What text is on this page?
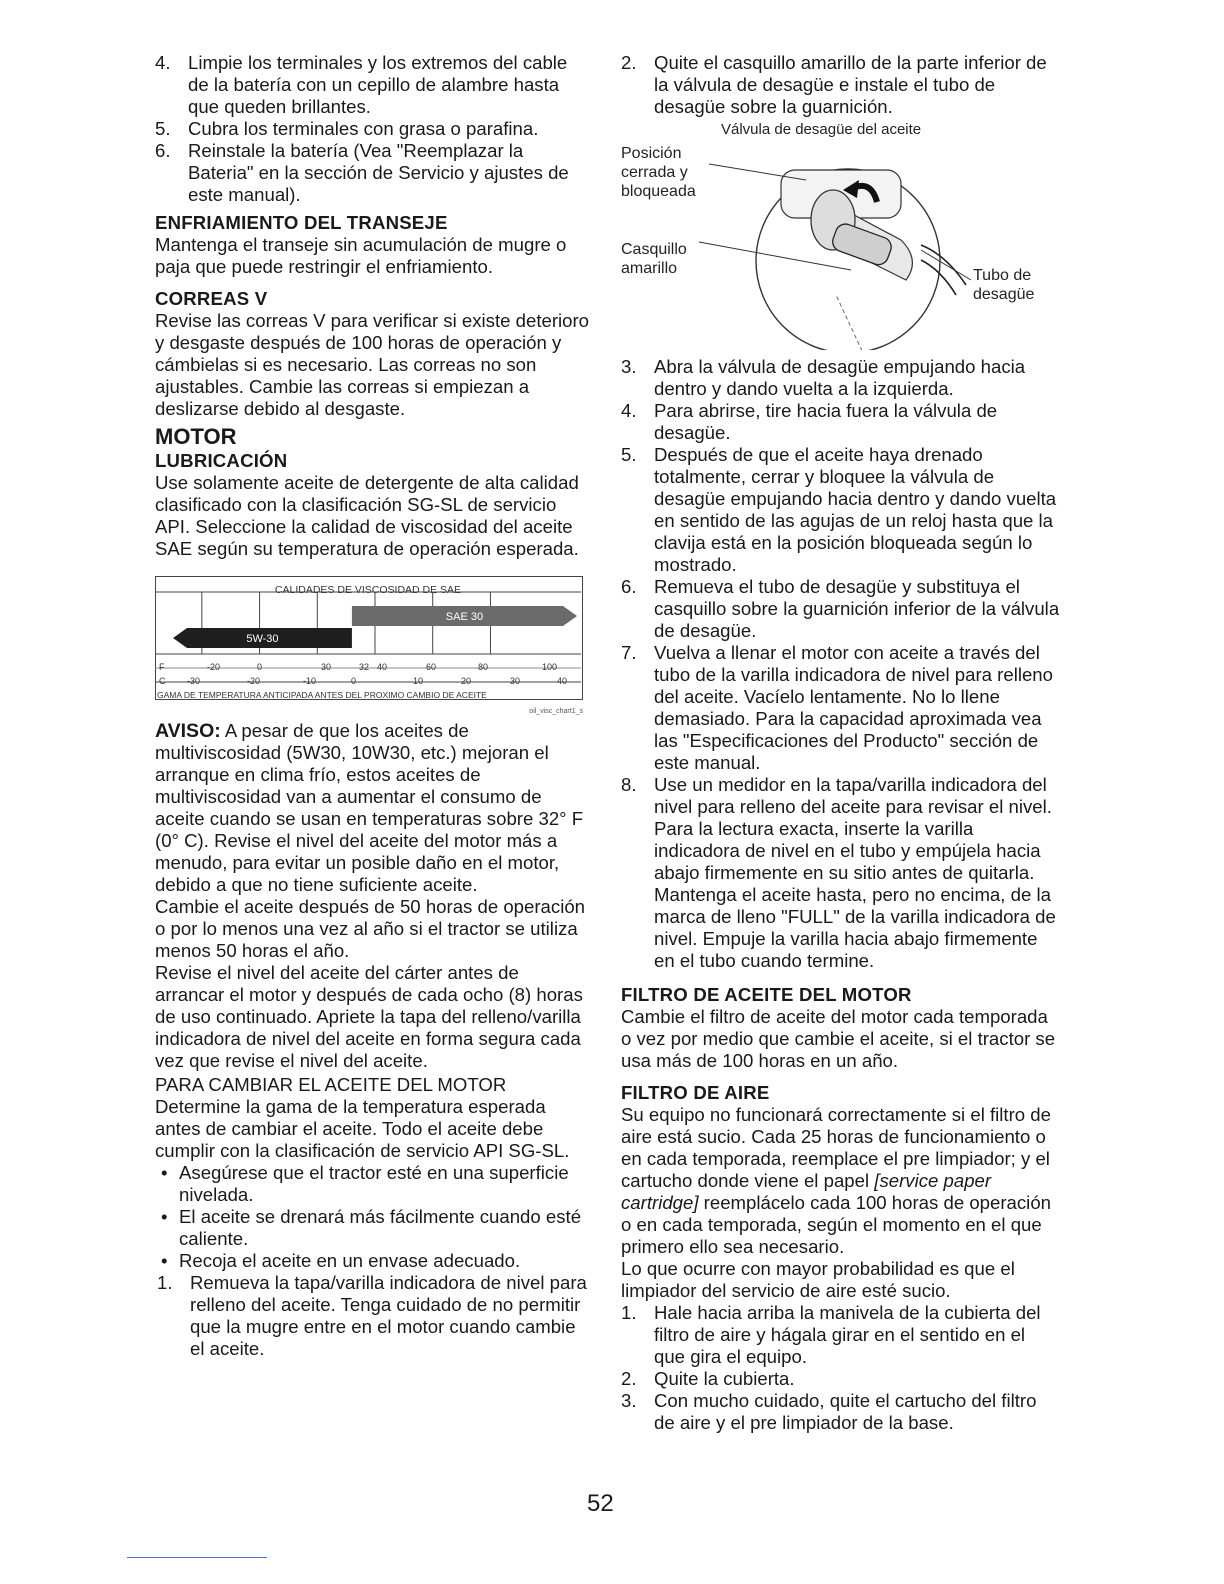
4. Limpie los terminales y los extremos del cable de la batería con un cepillo de alambre hasta que queden brillantes.
5. Cubra los terminales con grasa o parafina.
6. Reinstale la batería (Vea "Reemplazar la Bateria" en la sección de Servicio y ajustes de este manual).
ENFRIAMIENTO DEL TRANSEJE

Mantenga el transeje sin acumulación de mugre o paja que puede restringir el enfriamiento.

CORREAS V

Revise las correas V para verificar si existe deterioro y desgaste después de 100 horas de operación y cámbielas si es necesario. Las correas no son ajustables. Cambie las correas si empiezan a deslizarse debido al desgaste.

MOTOR
LUBRICACIÓN

Use solamente aceite de detergente de alta calidad clasificado con la clasificación SG-SL de servicio API. Seleccione la calidad de viscosidad del aceite SAE según su temperatura de operación esperada.

CALIDADES DE VISCOSIDAD DE SAE
5W-30
SAE 30
GAMA DE TEMPERATURA ANTICIPADA ANTES DEL PROXIMO CAMBIO DE ACEITE
oil_visc_chart1_s
F	-20	0	30	32 40	60	80	100
C -30	-20	-10	0	10	20	30	40

AVISO: A pesar de que los aceites de multiviscosidad (5W30, 10W30, etc.) mejoran el arranque en clima frío, estos aceites de multiviscosidad van a aumentar el consumo de aceite cuando se usan en temperaturas sobre 32° F (0° C). Revise el nivel del aceite del motor más a menudo, para evitar un posible daño en el motor, debido a que no tiene suficiente aceite.

Cambie el aceite después de 50 horas de operación o por lo menos una vez al año si el tractor se utiliza menos 50 horas el año.

Revise el nivel del aceite del cárter antes de arrancar el motor y después de cada ocho (8) horas de uso continuado. Apriete la tapa del relleno/varilla indicadora de nivel del aceite en forma segura cada vez que revise el nivel del aceite.

PARA CAMBIAR EL ACEITE DEL MOTOR

Determine la gama de la temperatura esperada antes de cambiar el aceite. Todo el aceite debe cumplir con la clasificación de servicio API SG-SL.

• Asegúrese que el tractor esté en una superficie nivelada.
• El aceite se drenará más fácilmente cuando esté caliente.
• Recoja el aceite en un envase adecuado.
1. Remueva la tapa/varilla indicadora de nivel para relleno del aceite. Tenga cuidado de no permitir que la mugre entre en el motor cuando cambie el aceite.
2. Quite el casquillo amarillo de la parte inferior de la válvula de desagüe e instale el tubo de desagüe sobre la guarnición.
Válvula de desagüe del aceite
Posición
cerrada y
bloqueada
Casquillo
amarillo	Tubo de
desagüe
3. Abra la válvula de desagüe empujando hacia dentro y dando vuelta a la izquierda.
4. Para abrirse, tire hacia fuera la válvula de desagüe.
5. Después de que el aceite haya drenado totalmente, cerrar y bloquee la válvula de desagüe empujando hacia dentro y dando vuelta en sentido de las agujas de un reloj hasta que la clavija está en la posición bloqueada según lo mostrado.
6. Remueva el tubo de desagüe y substituya el casquillo sobre la guarnición inferior de la válvula de desagüe.
7. Vuelva a llenar el motor con aceite a través del tubo de la varilla indicadora de nivel para relleno del aceite. Vacíelo lentamente. No lo llene demasiado. Para la capacidad aproximada vea las "Especificaciones del Producto" sección de este manual.
8. Use un medidor en la tapa/varilla indicadora del nivel para relleno del aceite para revisar el nivel. Para la lectura exacta, inserte la varilla indicadora de nivel en el tubo y empújela hacia abajo firmemente en su sitio antes de quitarla. Mantenga el aceite hasta, pero no encima, de la marca de lleno "FULL" de la varilla indicadora de nivel. Empuje la varilla hacia abajo firmemente en el tubo cuando termine.
FILTRO DE ACEITE DEL MOTOR

Cambie el filtro de aceite del motor cada temporada o vez por medio que cambie el aceite, si el tractor se usa más de 100 horas en un año.

FILTRO DE AIRE

Su equipo no funcionará correctamente si el filtro de aire está sucio. Cada 25 horas de funcionamiento o en cada temporada, reemplace el pre limpiador; y el cartucho donde viene el papel [service paper cartridge] reemplácelo cada 100 horas de operación o en cada temporada, según el momento en el que primero ello sea necesario.

Lo que ocurre con mayor probabilidad es que el limpiador del servicio de aire esté sucio.

1. Hale hacia arriba la manivela de la cubierta del filtro de aire y hágala girar en el sentido en el que gira el equipo.
2. Quite la cubierta.
3. Con mucho cuidado, quite el cartucho del filtro de aire y el pre limpiador de la base.
52
